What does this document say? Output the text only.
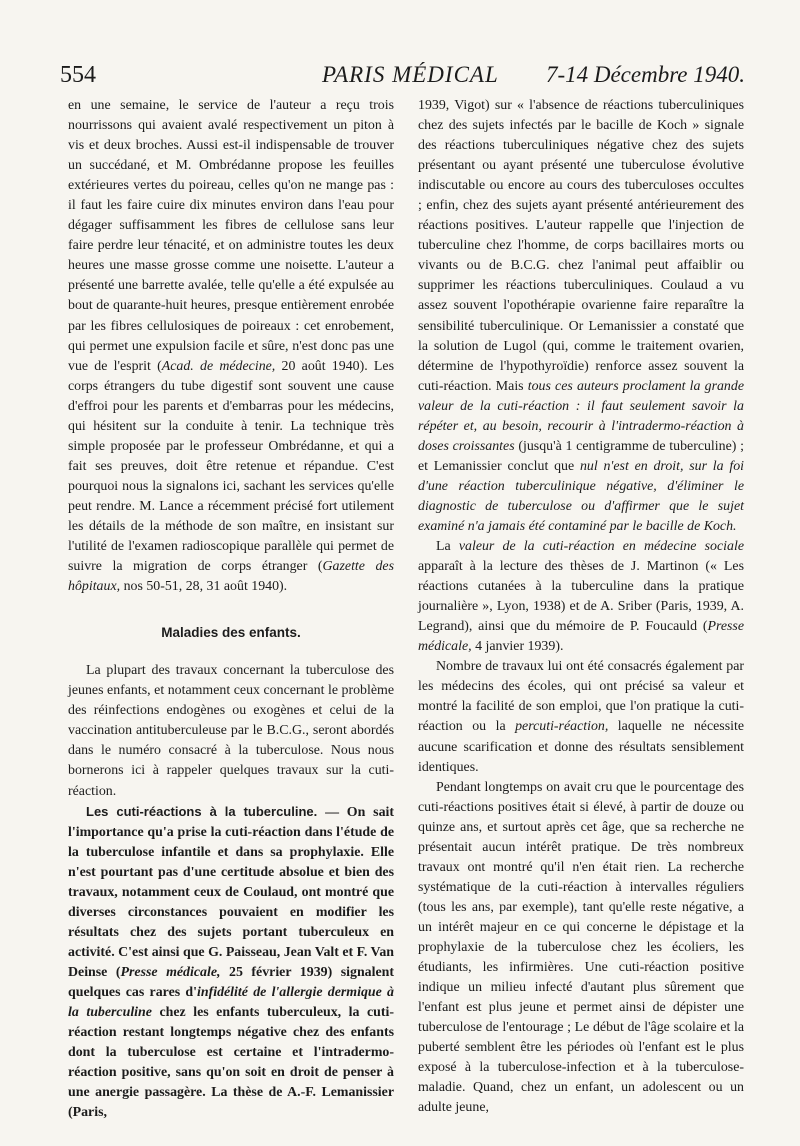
554	PARIS MÉDICAL 7-14 Décembre 1940.

en une semaine, le service de l'auteur a reçu trois nourrissons qui avaient avalé respectivement un piton à vis et deux broches. Aussi est-il indispensable de trouver un succédané, et M. Ombrédanne propose les feuilles extérieures vertes du poireau, celles qu'on ne mange pas : il faut les faire cuire dix minutes environ dans l'eau pour dégager suffisamment les fibres de cellulose sans leur faire perdre leur ténacité, et on administre toutes les deux heures une masse grosse comme une noisette. L'auteur a présenté une barrette avalée, telle qu'elle a été expulsée au bout de quarante-huit heures, presque entièrement enrobée par les fibres cellulosiques de poireaux : cet enrobement, qui permet une expulsion facile et sûre, n'est donc pas une vue de l'esprit (Acad. de médecine, 20 août 1940). Les corps étrangers du tube digestif sont souvent une cause d'effroi pour les parents et d'embarras pour les médecins, qui hésitent sur la conduite à tenir. La technique très simple proposée par le professeur Ombrédanne, et qui a fait ses preuves, doit être retenue et répandue. C'est pourquoi nous la signalons ici, sachant les services qu'elle peut rendre. M. Lance a récemment précisé fort utilement les détails de la méthode de son maître, en insistant sur l'utilité de l'examen radioscopique parallèle qui permet de suivre la migration de corps étranger (Gazette des hôpitaux, nos 50-51, 28, 31 août 1940).

Maladies des enfants.

La plupart des travaux concernant la tuberculose des jeunes enfants, et notamment ceux concernant le problème des réinfections endogènes ou exogènes et celui de la vaccination antituberculeuse par le B.C.G., seront abordés dans le numéro consacré à la tuberculose. Nous nous bornerons ici à rappeler quelques travaux sur la cuti-réaction.

Les cuti-réactions à la tuberculine. — On sait l'importance qu'a prise la cuti-réaction dans l'étude de la tuberculose infantile et dans sa prophylaxie. Elle n'est pourtant pas d'une certitude absolue et bien des travaux, notamment ceux de Coulaud, ont montré que diverses circonstances pouvaient en modifier les résultats chez des sujets portant tuberculeux en activité. C'est ainsi que G. Paisseau, Jean Valt et F. Van Deinse (Presse médicale, 25 février 1939) signalent quelques cas rares d'infidélité de l'allergie dermique à la tuberculine chez les enfants tuberculeux, la cuti-réaction restant longtemps négative chez des enfants dont la tuberculose est certaine et l'intradermo-réaction positive, sans qu'on soit en droit de penser à une anergie passagère. La thèse de A.-F. Lemanissier (Paris,

1939, Vigot) sur « l'absence de réactions tuberculiniques chez des sujets infectés par le bacille de Koch » signale des réactions tuberculiniques négative chez des sujets présentant ou ayant présenté une tuberculose évolutive indiscutable ou encore au cours des tuberculoses occultes ; enfin, chez des sujets ayant présenté antérieurement des réactions positives. L'auteur rappelle que l'injection de tuberculine chez l'homme, de corps bacillaires morts ou vivants ou de B.C.G. chez l'animal peut affaiblir ou supprimer les réactions tuberculiniques. Coulaud a vu assez souvent l'opothérapie ovarienne faire reparaître la sensibilité tuberculinique. Or Lemanissier a constaté que la solution de Lugol (qui, comme le traitement ovarien, détermine de l'hypothyroïdie) renforce assez souvent la cuti-réaction. Mais tous ces auteurs proclament la grande valeur de la cuti-réaction : il faut seulement savoir la répéter et, au besoin, recourir à l'intradermo-réaction à doses croissantes (jusqu'à 1 centigramme de tuberculine) ; et Lemanissier conclut que nul n'est en droit, sur la foi d'une réaction tuberculinique négative, d'éliminer le diagnostic de tuberculose ou d'affirmer que le sujet examiné n'a jamais été contaminé par le bacille de Koch.

La valeur de la cuti-réaction en médecine sociale apparaît à la lecture des thèses de J. Martinon (« Les réactions cutanées à la tuberculine dans la pratique journalière », Lyon, 1938) et de A. Sriber (Paris, 1939, A. Legrand), ainsi que du mémoire de P. Foucauld (Presse médicale, 4 janvier 1939).

Nombre de travaux lui ont été consacrés également par les médecins des écoles, qui ont précisé sa valeur et montré la facilité de son emploi, que l'on pratique la cuti-réaction ou la percuti-réaction, laquelle ne nécessite aucune scarification et donne des résultats sensiblement identiques.

Pendant longtemps on avait cru que le pourcentage des cuti-réactions positives était si élevé, à partir de douze ou quinze ans, et surtout après cet âge, que sa recherche ne présentait aucun intérêt pratique. De très nombreux travaux ont montré qu'il n'en était rien. La recherche systématique de la cuti-réaction à intervalles réguliers (tous les ans, par exemple), tant qu'elle reste négative, a un intérêt majeur en ce qui concerne le dépistage et la prophylaxie de la tuberculose chez les écoliers, les étudiants, les infirmières. Une cuti-réaction positive indique un milieu infecté d'autant plus sûrement que l'enfant est plus jeune et permet ainsi de dépister une tuberculose de l'entourage ; Le début de l'âge scolaire et la puberté semblent être les périodes où l'enfant est le plus exposé à la tuberculose-infection et à la tuberculose-maladie. Quand, chez un enfant, un adolescent ou un adulte jeune,
